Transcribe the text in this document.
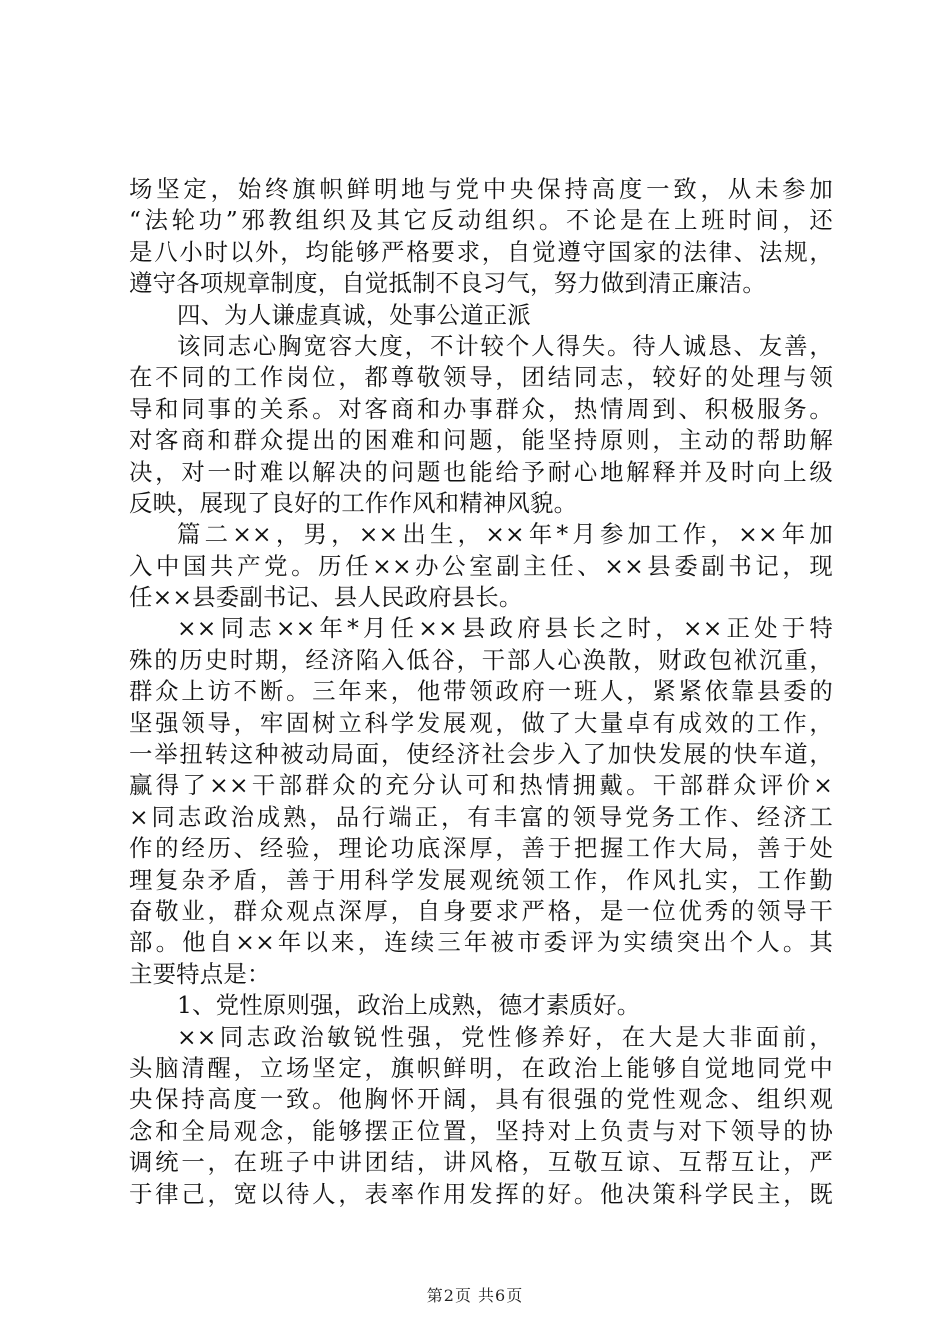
场坚定，始终旗帜鲜明地与党中央保持高度一致，从未参加
“法轮功”邪教组织及其它反动组织。不论是在上班时间，还
是八小时以外，均能够严格要求，自觉遵守国家的法律、法规，
遵守各项规章制度，自觉抵制不良习气，努力做到清正廉洁。
四、为人谦虚真诚，处事公道正派
该同志心胸宽容大度，不计较个人得失。待人诚恳、友善，
在不同的工作岗位，都尊敬领导，团结同志，较好的处理与领
导和同事的关系。对客商和办事群众，热情周到、积极服务。
对客商和群众提出的困难和问题，能坚持原则，主动的帮助解
决，对一时难以解决的问题也能给予耐心地解释并及时向上级
反映，展现了良好的工作作风和精神风貌。
篇二××，男，××出生，××年*月参加工作，××年加
入中国共产党。历任××办公室副主任、××县委副书记，现
任××县委副书记、县人民政府县长。
××同志××年*月任××县政府县长之时，××正处于特
殊的历史时期，经济陷入低谷，干部人心涣散，财政包袱沉重，
群众上访不断。三年来，他带领政府一班人，紧紧依靠县委的
坚强领导，牢固树立科学发展观，做了大量卓有成效的工作，
一举扭转这种被动局面，使经济社会步入了加快发展的快车道，
赢得了××干部群众的充分认可和热情拥戴。干部群众评价×
×同志政治成熟，品行端正，有丰富的领导党务工作、经济工
作的经历、经验，理论功底深厚，善于把握工作大局，善于处
理复杂矛盾，善于用科学发展观统领工作，作风扎实，工作勤
奋敬业，群众观点深厚，自身要求严格，是一位优秀的领导干
部。他自××年以来，连续三年被市委评为实绩突出个人。其
主要特点是：
1、党性原则强，政治上成熟，德才素质好。
××同志政治敏锐性强，党性修养好，在大是大非面前，
头脑清醒，立场坚定，旗帜鲜明，在政治上能够自觉地同党中
央保持高度一致。他胸怀开阔，具有很强的党性观念、组织观
念和全局观念，能够摆正位置，坚持对上负责与对下领导的协
调统一，在班子中讲团结，讲风格，互敬互谅、互帮互让，严
于律己，宽以待人，表率作用发挥的好。他决策科学民主，既
第2页 共6页
